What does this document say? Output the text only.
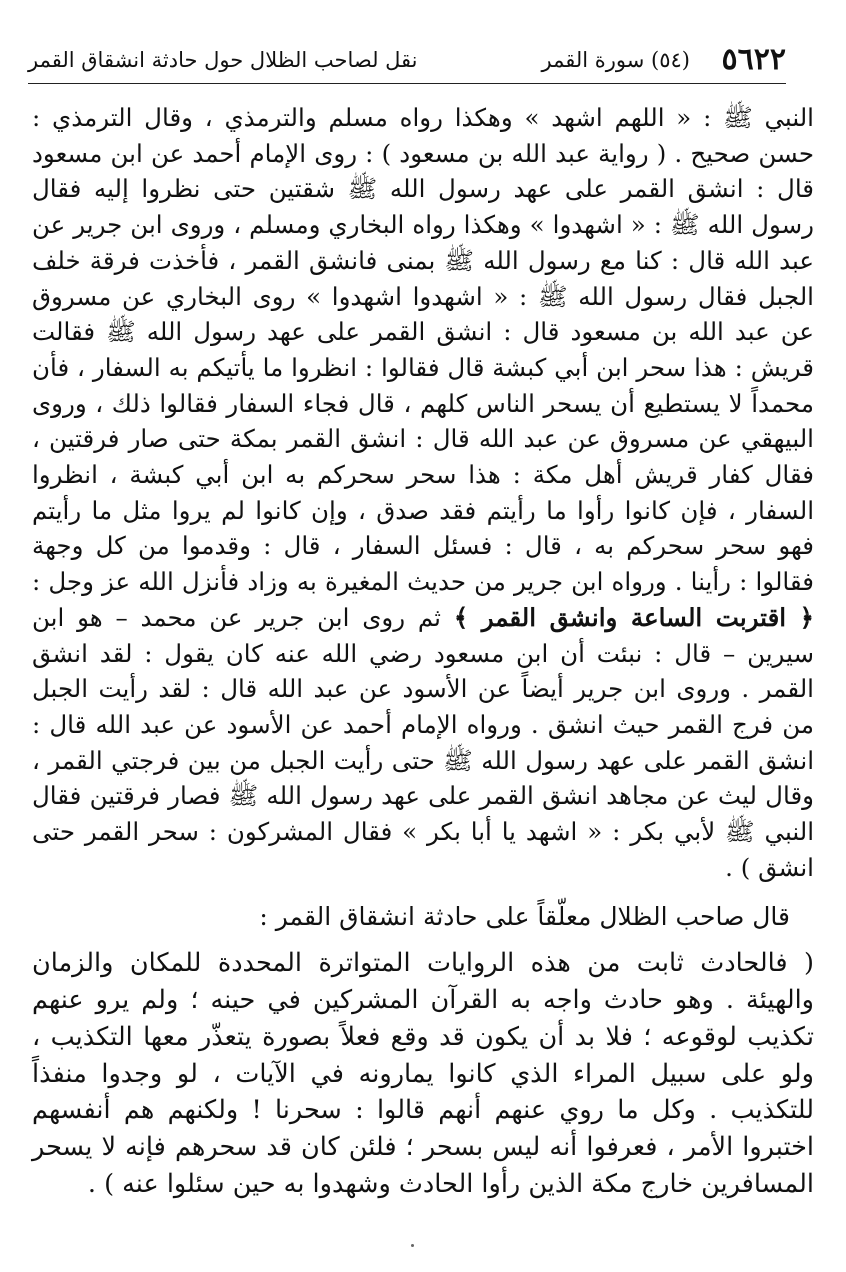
٥٦٢٢
(٥٤) سورة القمر
نقل لصاحب الظلال حول حادثة انشقاق القمر

النبي ﷺ : « اللهم اشهد » وهكذا رواه مسلم والترمذي ، وقال الترمذي : حسن صحيح . ( رواية عبد الله بن مسعود ) : روى الإمام أحمد عن ابن مسعود قال : انشق القمر على عهد رسول الله ﷺ شقتين حتى نظروا إليه فقال رسول الله ﷺ : « اشهدوا » وهكذا رواه البخاري ومسلم ، وروى ابن جرير عن عبد الله قال : كنا مع رسول الله ﷺ بمنى فانشق القمر ، فأخذت فرقة خلف الجبل فقال رسول الله ﷺ : « اشهدوا اشهدوا » روى البخاري عن مسروق عن عبد الله بن مسعود قال : انشق القمر على عهد رسول الله ﷺ فقالت قريش : هذا سحر ابن أبي كبشة قال فقالوا : انظروا ما يأتيكم به السفار ، فأن محمداً لا يستطيع أن يسحر الناس كلهم ، قال فجاء السفار فقالوا ذلك ، وروى البيهقي عن مسروق عن عبد الله قال : انشق القمر بمكة حتى صار فرقتين ، فقال كفار قريش أهل مكة : هذا سحر سحركم به ابن أبي كبشة ، انظروا السفار ، فإن كانوا رأوا ما رأيتم فقد صدق ، وإن كانوا لم يروا مثل ما رأيتم فهو سحر سحركم به ، قال : فسئل السفار ، قال : وقدموا من كل وجهة فقالوا : رأينا . ورواه ابن جرير من حديث المغيرة به وزاد فأنزل الله عز وجل : ﴿ اقتربت الساعة وانشق القمر ﴾ ثم روى ابن جرير عن محمد – هو ابن سيرين – قال : نبئت أن ابن مسعود رضي الله عنه كان يقول : لقد انشق القمر . وروى ابن جرير أيضاً عن الأسود عن عبد الله قال : لقد رأيت الجبل من فرج القمر حيث انشق . ورواه الإمام أحمد عن الأسود عن عبد الله قال : انشق القمر على عهد رسول الله ﷺ حتى رأيت الجبل من بين فرجتي القمر ، وقال ليث عن مجاهد انشق القمر على عهد رسول الله ﷺ فصار فرقتين فقال النبي ﷺ لأبي بكر : « اشهد يا أبا بكر » فقال المشركون : سحر القمر حتى انشق ) .

قال صاحب الظلال معلّقاً على حادثة انشقاق القمر :

( فالحادث ثابت من هذه الروايات المتواترة المحددة للمكان والزمان والهيئة . وهو حادث واجه به القرآن المشركين في حينه ؛ ولم يرو عنهم تكذيب لوقوعه ؛ فلا بد أن يكون قد وقع فعلاً بصورة يتعذّر معها التكذيب ، ولو على سبيل المراء الذي كانوا يمارونه في الآيات ، لو وجدوا منفذاً للتكذيب . وكل ما روي عنهم أنهم قالوا : سحرنا ! ولكنهم هم أنفسهم اختبروا الأمر ، فعرفوا أنه ليس بسحر ؛ فلئن كان قد سحرهم فإنه لا يسحر المسافرين خارج مكة الذين رأوا الحادث وشهدوا به حين سئلوا عنه ) .
